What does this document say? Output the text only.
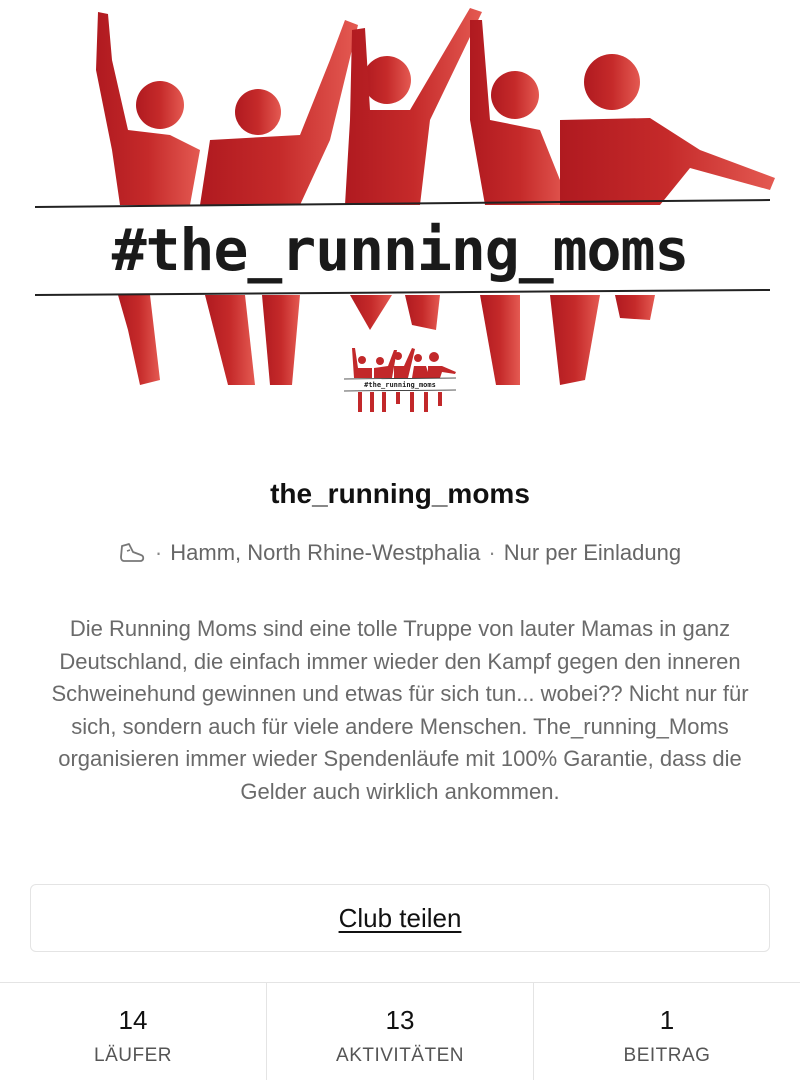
#the_running_moms
#the_running_moms
the_running_moms
· Hamm, North Rhine-Westphalia · Nur per Einladung
Die Running Moms sind eine tolle Truppe von lauter Mamas in ganz Deutschland, die einfach immer wieder den Kampf gegen den inneren Schweinehund gewinnen und etwas für sich tun... wobei?? Nicht nur für sich, sondern auch für viele andere Menschen. The_running_Moms organisieren immer wieder Spendenläufe mit 100% Garantie, dass die Gelder auch wirklich ankommen.
Club teilen
14
LÄUFER
13
AKTIVITÄTEN
1
BEITRAG
